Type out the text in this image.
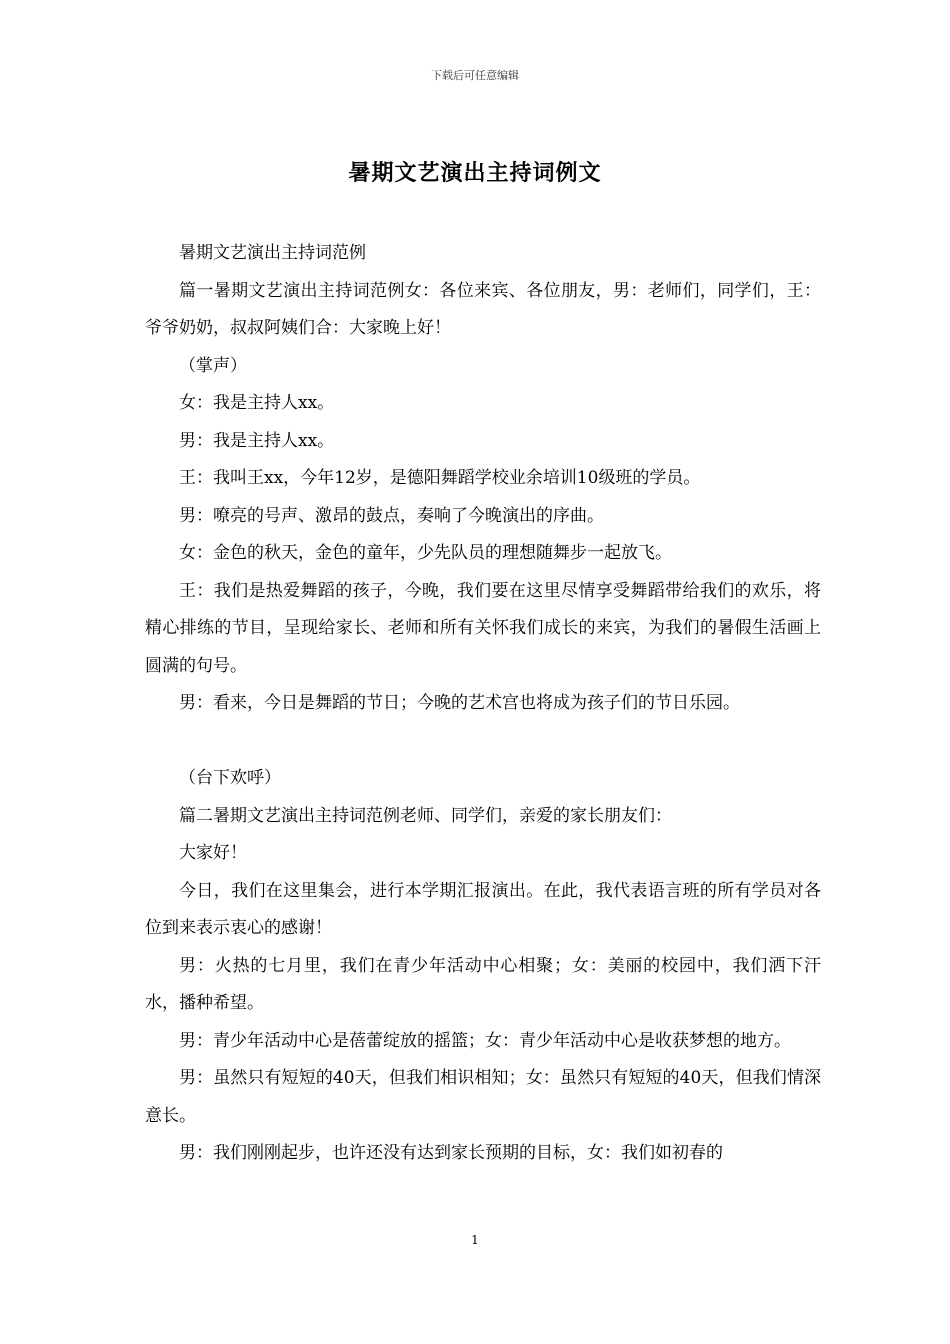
下载后可任意编辑
暑期文艺演出主持词例文

暑期文艺演出主持词范例

篇一暑期文艺演出主持词范例女：各位来宾、各位朋友，男：老师们，同学们，王：爷爷奶奶，叔叔阿姨们合：大家晚上好！

（掌声）

女：我是主持人xx。

男：我是主持人xx。

王：我叫王xx，今年12岁，是德阳舞蹈学校业余培训10级班的学员。

男：嘹亮的号声、激昂的鼓点，奏响了今晚演出的序曲。

女：金色的秋天，金色的童年，少先队员的理想随舞步一起放飞。

王：我们是热爱舞蹈的孩子，今晚，我们要在这里尽情享受舞蹈带给我们的欢乐，将精心排练的节目，呈现给家长、老师和所有关怀我们成长的来宾，为我们的暑假生活画上圆满的句号。

男：看来，今日是舞蹈的节日；今晚的艺术宫也将成为孩子们的节日乐园。

（台下欢呼）

篇二暑期文艺演出主持词范例老师、同学们，亲爱的家长朋友们：

大家好！

今日，我们在这里集会，进行本学期汇报演出。在此，我代表语言班的所有学员对各位到来表示衷心的感谢！

男：火热的七月里，我们在青少年活动中心相聚；女：美丽的校园中，我们洒下汗水，播种希望。

男：青少年活动中心是蓓蕾绽放的摇篮；女：青少年活动中心是收获梦想的地方。

男：虽然只有短短的40天，但我们相识相知；女：虽然只有短短的40天，但我们情深意长。

男：我们刚刚起步，也许还没有达到家长预期的目标，女：我们如初春的

1
